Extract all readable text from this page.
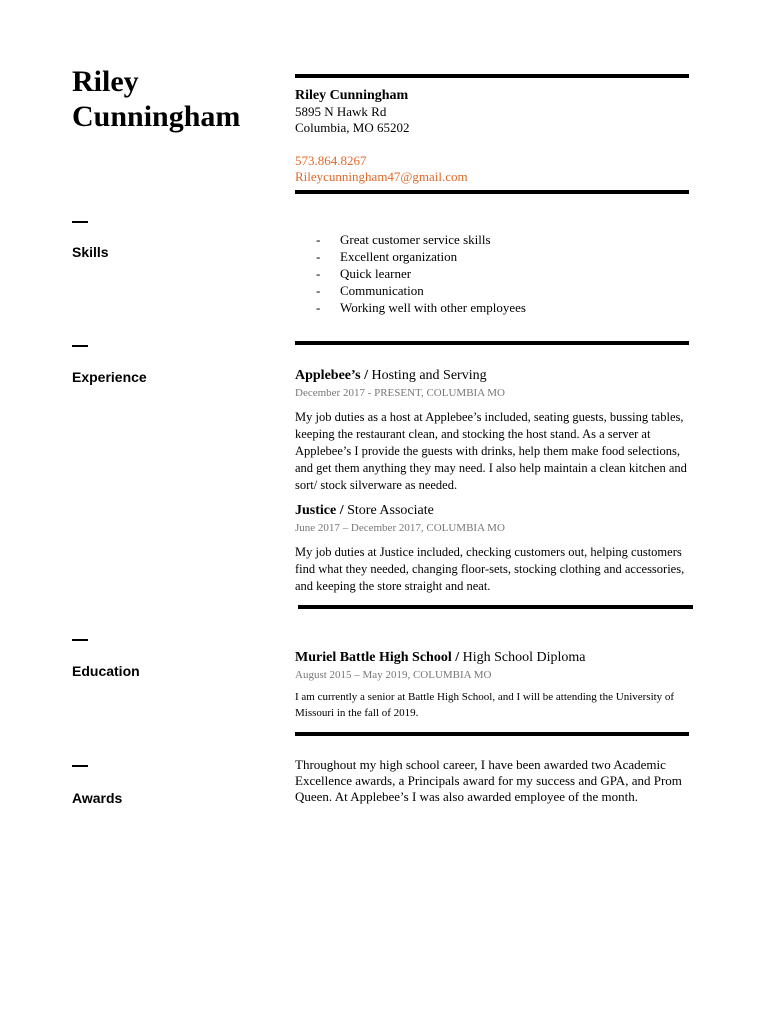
Riley
Cunningham
Riley Cunningham
5895 N Hawk Rd
Columbia, MO 65202
573.864.8267
Rileycunningham47@gmail.com
Skills
-	Great customer service skills
-	Excellent organization
-	Quick learner
-	Communication
-	Working well with other employees
Experience	Applebee’s / Hosting and Serving
December 2017 - PRESENT, COLUMBIA MO
My job duties as a host at Applebee’s included, seating guests, bussing tables, keeping the restaurant clean, and stocking the host stand. As a server at Applebee’s I provide the guests with drinks, help them make food selections, and get them anything they may need. I also help maintain a clean kitchen and sort/ stock silverware as needed.
Justice / Store Associate
June 2017 – December 2017, COLUMBIA MO
My job duties at Justice included, checking customers out, helping customers find what they needed, changing floor-sets, stocking clothing and accessories, and keeping the store straight and neat.
Education
Muriel Battle High School / High School Diploma
August 2015 – May 2019, COLUMBIA MO
I am currently a senior at Battle High School, and I will be attending the University of Missouri in the fall of 2019.
Awards
Throughout my high school career, I have been awarded two Academic Excellence awards, a Principals award for my success and GPA, and Prom Queen. At Applebee’s I was also awarded employee of the month.
